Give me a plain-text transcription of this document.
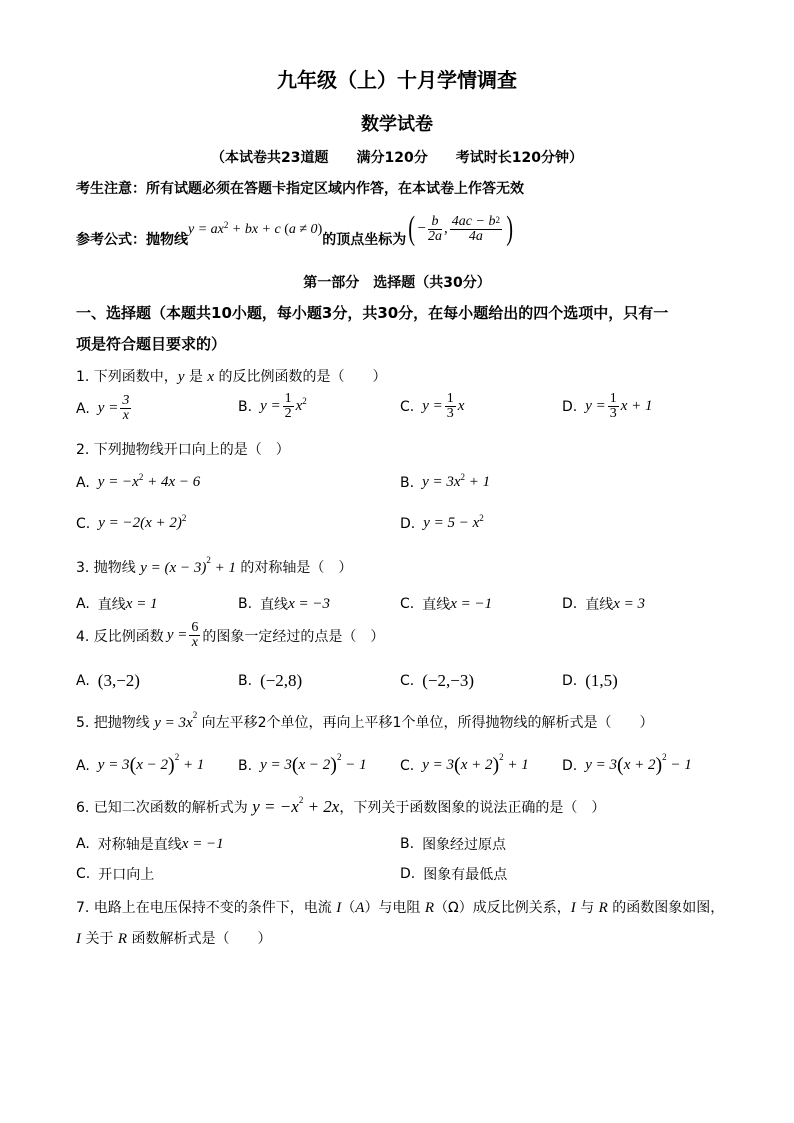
九年级（上）十月学情调查
数学试卷
（本试卷共23道题　　满分120分　　考试时长120分钟）
考生注意：所有试题必须在答题卡指定区域内作答，在本试卷上作答无效
参考公式：抛物线
$y = ax^2$ + bx + c (a ≠ 0)
的顶点坐标为 ( − $\frac{b}{2a}$ , $\frac{4ac - b^2}{4a}$ )
第一部分　选择题（共30分）
一、选择题（本题共10小题，每小题3分，共30分，在每小题给出的四个选项中，只有一
项是符合题目要求的）
1. 下列函数中，y 是 x 的反比例函数的是（　　）
A. $y = \frac{3}{x}$	B. $y = \frac{1}{2} x^2$	C. $y = \frac{1}{3}$ x	D. $y = \frac{1}{3}$ x + 1
2. 下列抛物线开口向上的是（　）
A. $y = -x^2 + 4x - 6$	B. $y = 3x^2 + 1$
C. $y = -2(x + 2)^2$	D. $y = 5 - x^2$
3. 抛物线 $y = (x - 3)^2 + 1$ 的对称轴是（　）
A. 直线 x = 1	B. 直线 x = −3	C. 直线 x = −1	D. 直线 x = 3
4. 反比例函数 $y = \frac{6}{x}$ 的图象一定经过的点是（　）
A. (3,−2)	B. (−2,8)	C. (−2,−3)	D. (1,5)
5. 把抛物线 $y = 3x^2$ 向左平移2个单位，再向上平移1个单位，所得抛物线的解析式是（　　）
A. $y = 3(x - 2)^2 + 1$ B. $y = 3(x - 2)^2 - 1$ C. $y = 3(x + 2)^2 + 1$ D. $y = 3(x + 2)^2 - 1$
6. 已知二次函数的解析式为 $y = -x^2 + 2x$，下列关于函数图象的说法正确的是（　）
A. 对称轴是直线 x = −1	B. 图象经过原点
C. 开口向上	D. 图象有最低点
7. 电路上在电压保持不变的条件下，电流 I（A）与电阻 R（Ω）成反比例关系，I 与 R 的函数图象如图，
I 关于 R 函数解析式是（　　）
